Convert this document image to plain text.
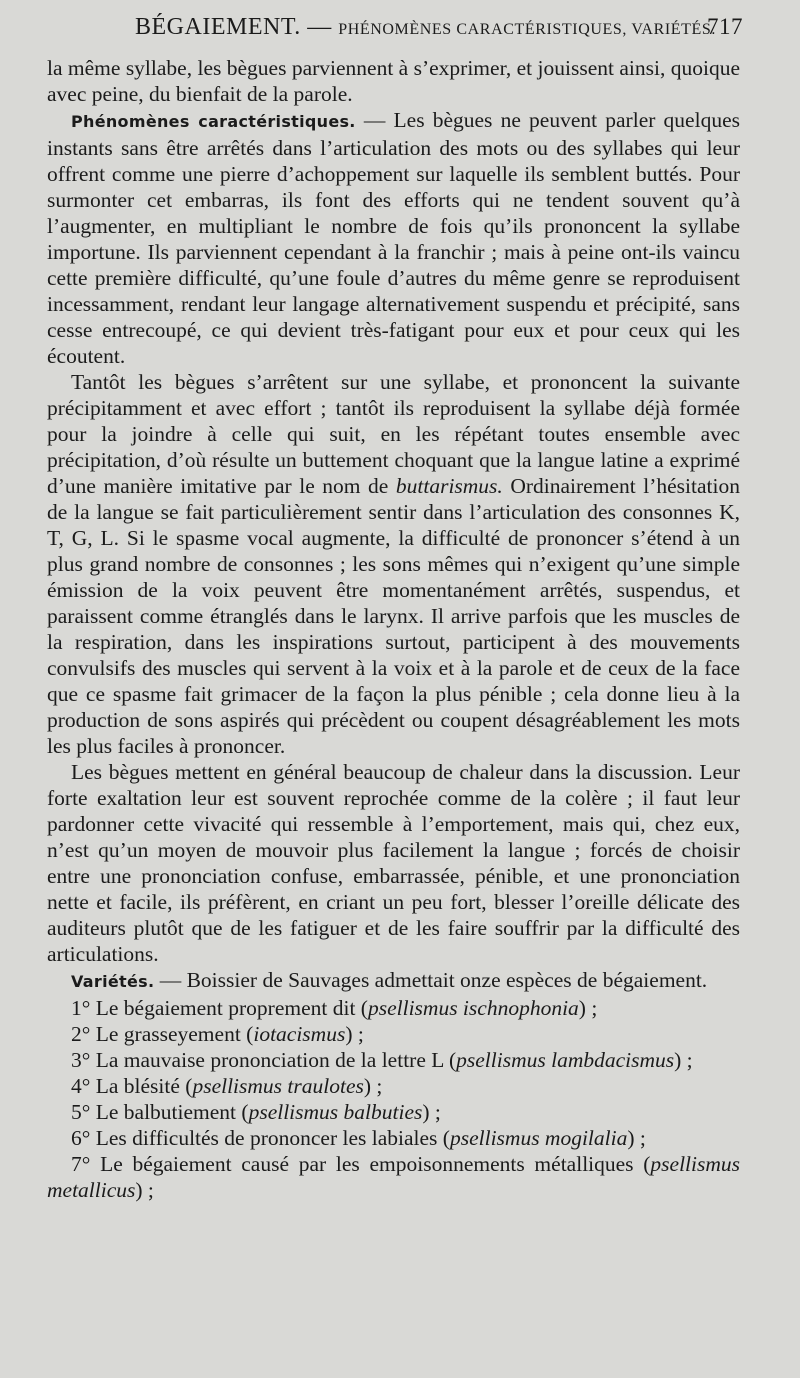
BÉGAIEMENT. — PHÉNOMÈNES CARACTÉRISTIQUES, VARIÉTÉS.
717

la même syllabe, les bègues parviennent à s’exprimer, et jouissent ainsi, quoique avec peine, du bienfait de la parole.

Phénomènes caractéristiques. — Les bègues ne peuvent parler quelques instants sans être arrêtés dans l’articulation des mots ou des syllabes qui leur offrent comme une pierre d’achoppement sur laquelle ils semblent buttés. Pour surmonter cet embarras, ils font des efforts qui ne tendent souvent qu’à l’augmenter, en multipliant le nombre de fois qu’ils prononcent la syllabe importune. Ils parviennent cependant à la franchir ; mais à peine ont-ils vaincu cette première difficulté, qu’une foule d’autres du même genre se reproduisent incessamment, rendant leur langage alternativement suspendu et précipité, sans cesse entrecoupé, ce qui devient très-fatigant pour eux et pour ceux qui les écoutent.

Tantôt les bègues s’arrêtent sur une syllabe, et prononcent la suivante précipitamment et avec effort ; tantôt ils reproduisent la syllabe déjà formée pour la joindre à celle qui suit, en les répétant toutes ensemble avec précipitation, d’où résulte un buttement choquant que la langue latine a exprimé d’une manière imitative par le nom de buttarismus. Ordinairement l’hésitation de la langue se fait particulièrement sentir dans l’articulation des consonnes K, T, G, L. Si le spasme vocal augmente, la difficulté de prononcer s’étend à un plus grand nombre de consonnes ; les sons mêmes qui n’exigent qu’une simple émission de la voix peuvent être momentanément arrêtés, suspendus, et paraissent comme étranglés dans le larynx. Il arrive parfois que les muscles de la respiration, dans les inspirations surtout, participent à des mouvements convulsifs des muscles qui servent à la voix et à la parole et de ceux de la face que ce spasme fait grimacer de la façon la plus pénible ; cela donne lieu à la production de sons aspirés qui précèdent ou coupent désagréablement les mots les plus faciles à prononcer.

Les bègues mettent en général beaucoup de chaleur dans la discussion. Leur forte exaltation leur est souvent reprochée comme de la colère ; il faut leur pardonner cette vivacité qui ressemble à l’emportement, mais qui, chez eux, n’est qu’un moyen de mouvoir plus facilement la langue ; forcés de choisir entre une prononciation confuse, embarrassée, pénible, et une prononciation nette et facile, ils préfèrent, en criant un peu fort, blesser l’oreille délicate des auditeurs plutôt que de les fatiguer et de les faire souffrir par la difficulté des articulations.

Variétés. — Boissier de Sauvages admettait onze espèces de bégaiement.

1° Le bégaiement proprement dit (psellismus ischnophonia) ;
2° Le grasseyement (iotacismus) ;
3° La mauvaise prononciation de la lettre L (psellismus lambdacismus) ;
4° La blésité (psellismus traulotes) ;
5° Le balbutiement (psellismus balbuties) ;
6° Les difficultés de prononcer les labiales (psellismus mogilalia) ;
7° Le bégaiement causé par les empoisonnements métalliques (psellismus metallicus) ;
